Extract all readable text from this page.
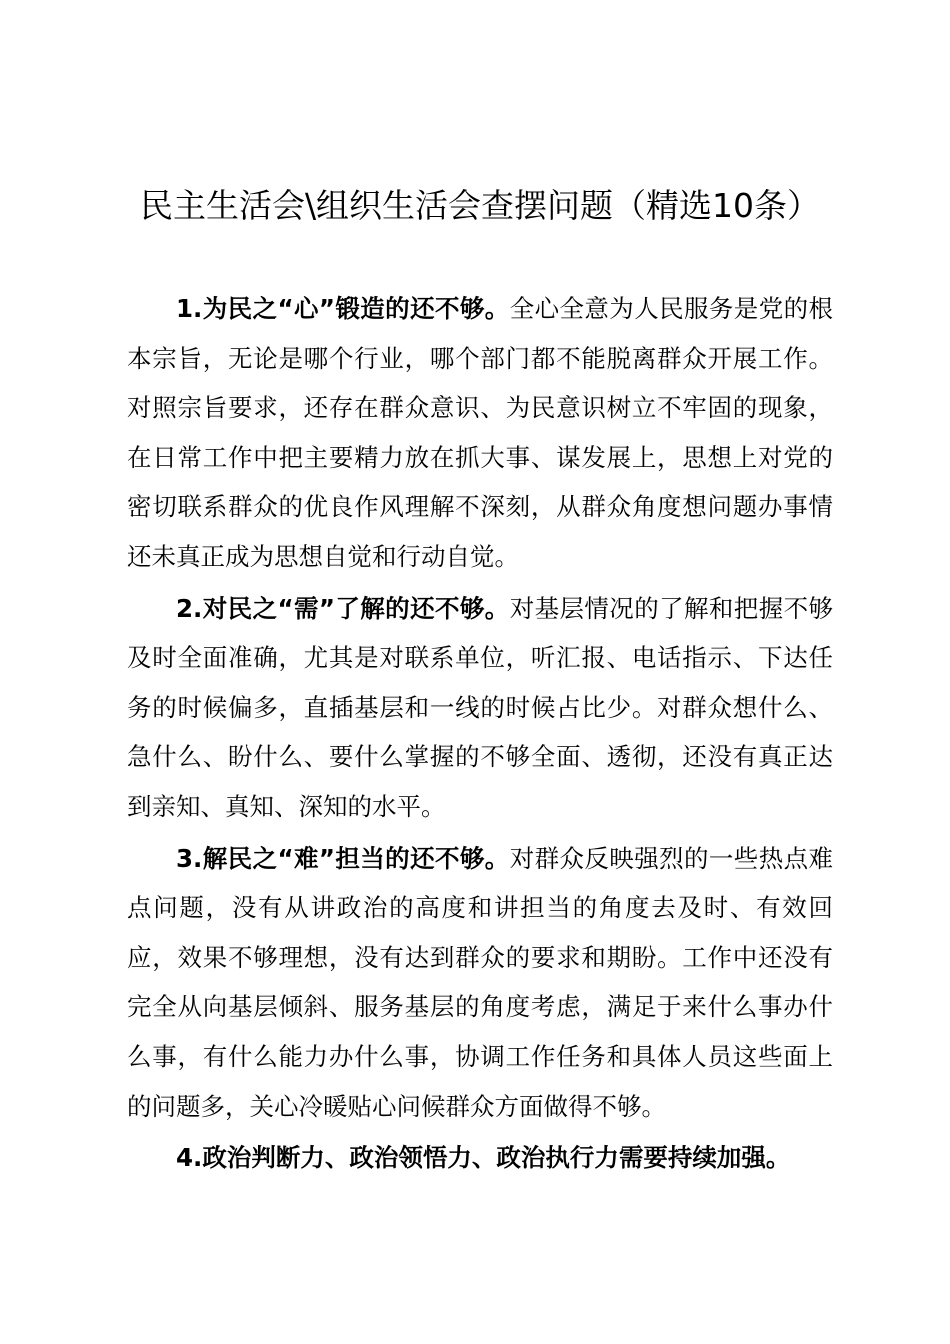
民主生活会\组织生活会查摆问题（精选10条）

1.为民之“心”锻造的还不够。全心全意为人民服务是党的根本宗旨，无论是哪个行业，哪个部门都不能脱离群众开展工作。对照宗旨要求，还存在群众意识、为民意识树立不牢固的现象，在日常工作中把主要精力放在抓大事、谋发展上，思想上对党的密切联系群众的优良作风理解不深刻，从群众角度想问题办事情还未真正成为思想自觉和行动自觉。

2.对民之“需”了解的还不够。对基层情况的了解和把握不够及时全面准确，尤其是对联系单位，听汇报、电话指示、下达任务的时候偏多，直插基层和一线的时候占比少。对群众想什么、急什么、盼什么、要什么掌握的不够全面、透彻，还没有真正达到亲知、真知、深知的水平。

3.解民之“难”担当的还不够。对群众反映强烈的一些热点难点问题，没有从讲政治的高度和讲担当的角度去及时、有效回应，效果不够理想，没有达到群众的要求和期盼。工作中还没有完全从向基层倾斜、服务基层的角度考虑，满足于来什么事办什么事，有什么能力办什么事，协调工作任务和具体人员这些面上的问题多，关心冷暖贴心问候群众方面做得不够。

4.政治判断力、政治领悟力、政治执行力需要持续加强。
